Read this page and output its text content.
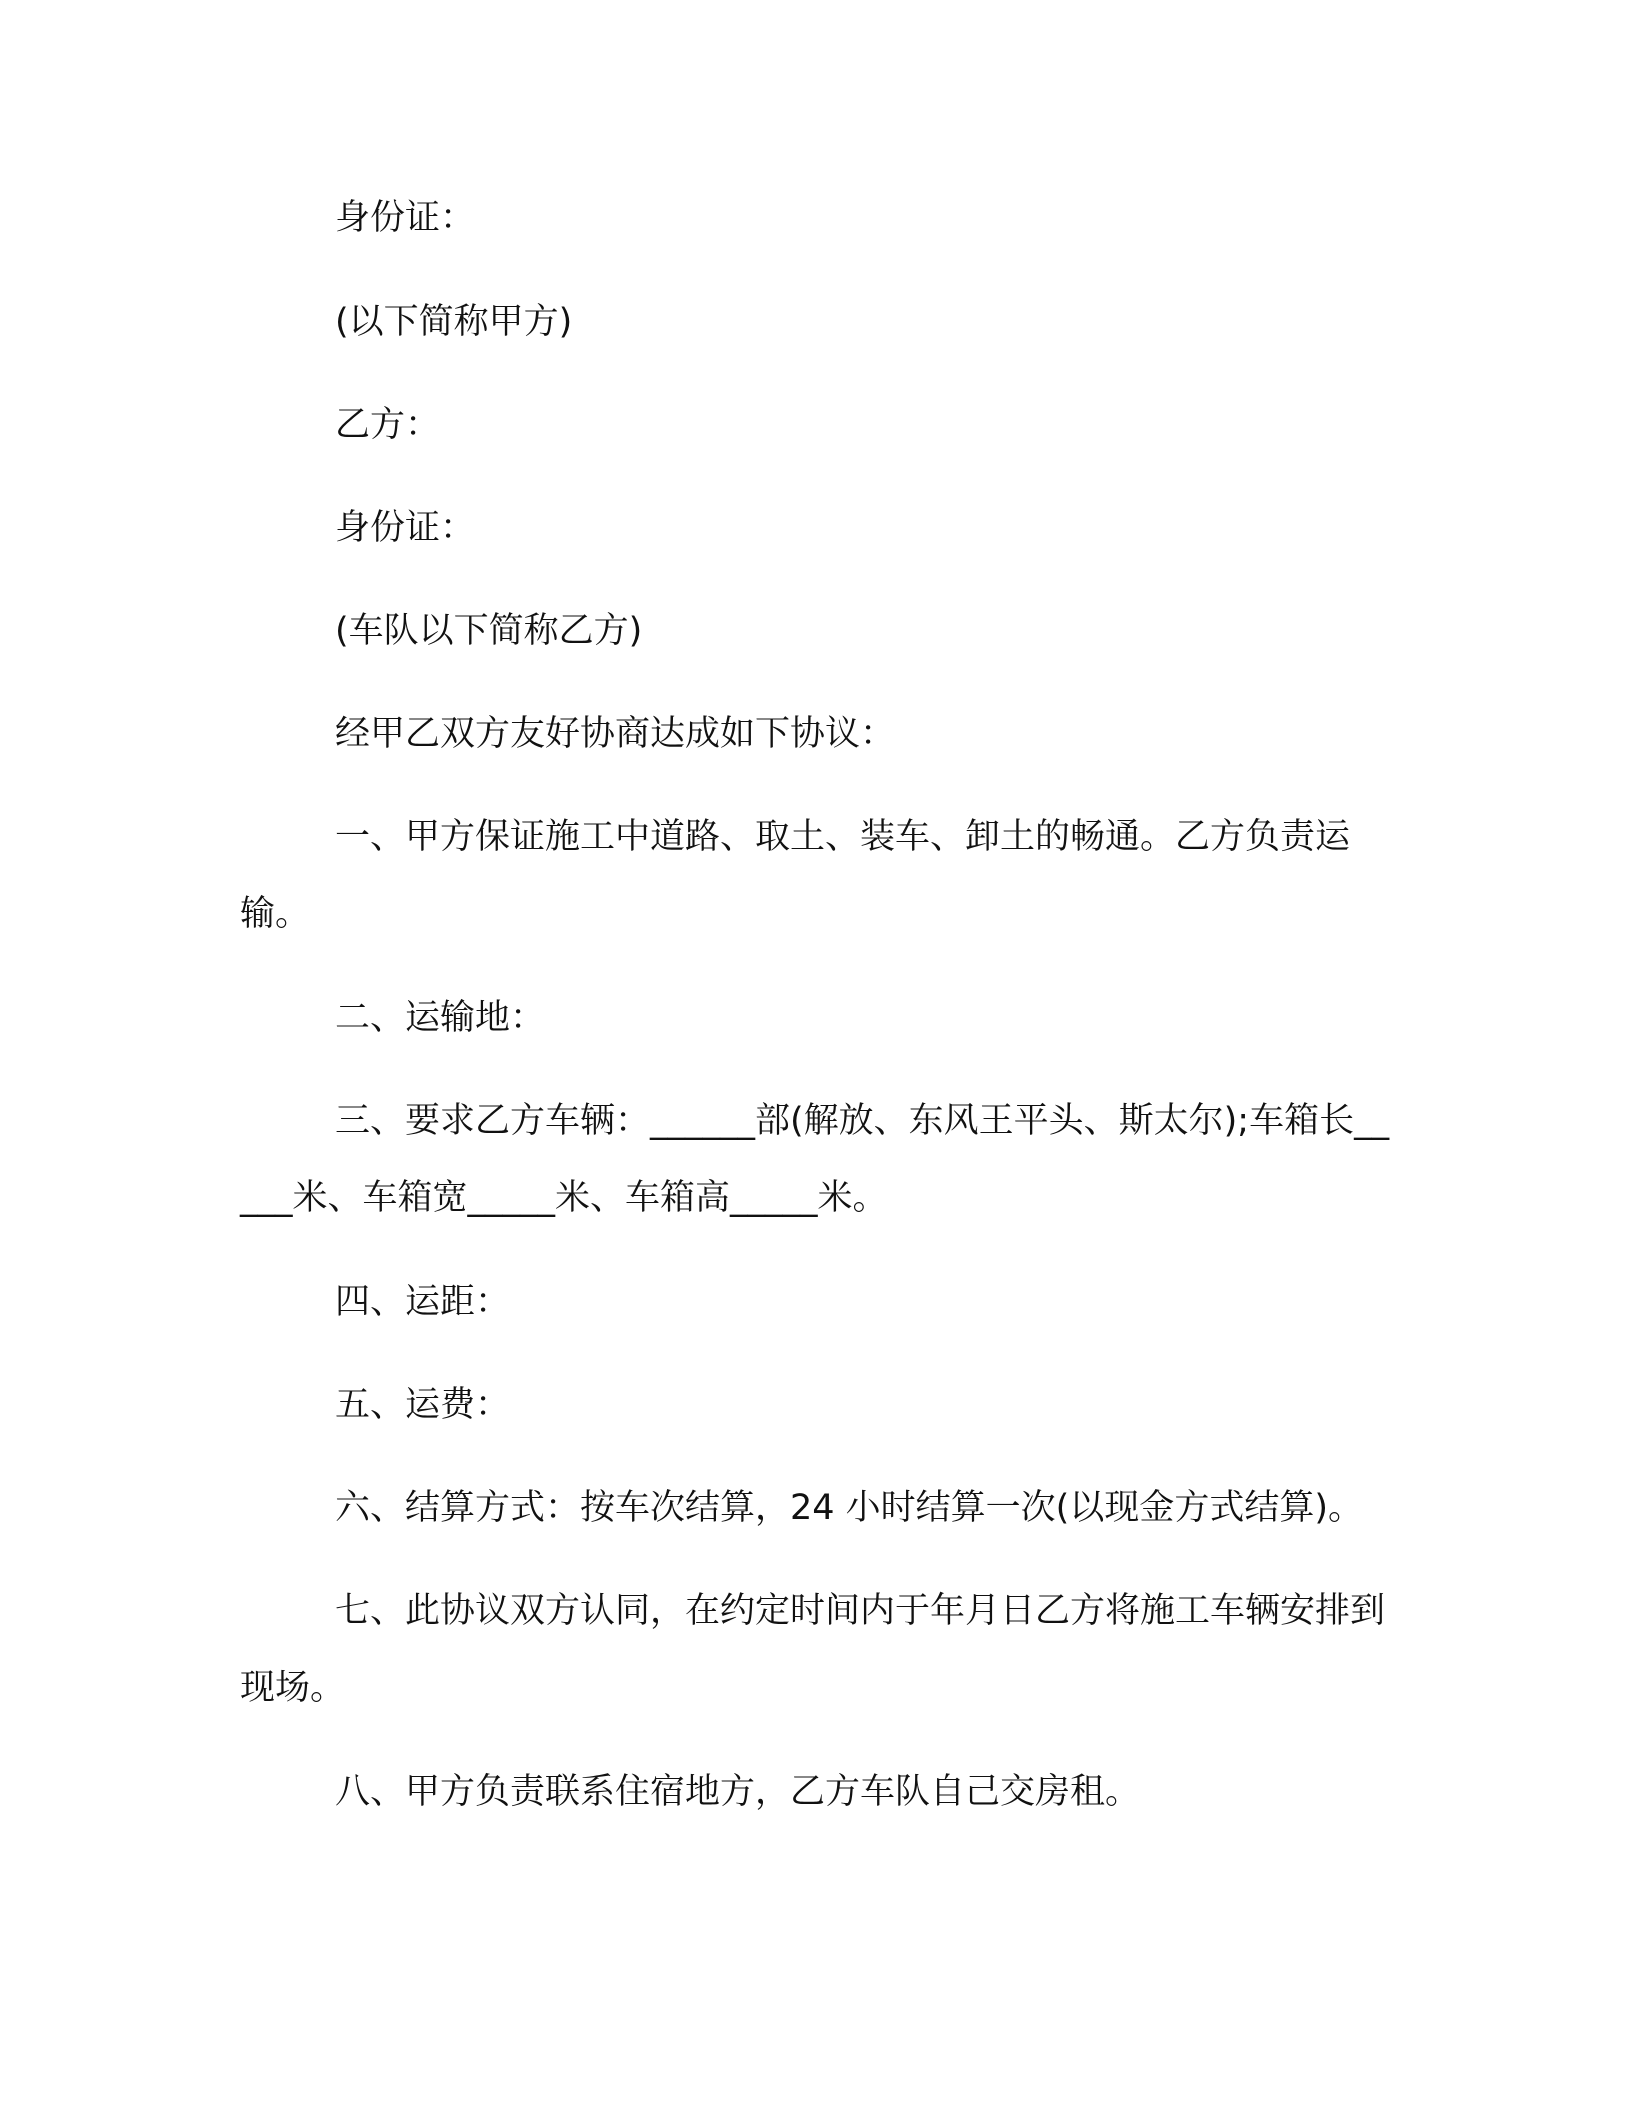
身份证：

(以下简称甲方)

乙方：

身份证：

(车队以下简称乙方)

经甲乙双方友好协商达成如下协议：

一、甲方保证施工中道路、取土、装车、卸土的畅通。乙方负责运输。

二、运输地：

三、要求乙方车辆：______部(解放、东风王平头、斯太尔);车箱长_____米、车箱宽_____米、车箱高_____米。

四、运距：

五、运费：

六、结算方式：按车次结算，24 小时结算一次(以现金方式结算)。

七、此协议双方认同，在约定时间内于年月日乙方将施工车辆安排到现场。

八、甲方负责联系住宿地方，乙方车队自己交房租。
